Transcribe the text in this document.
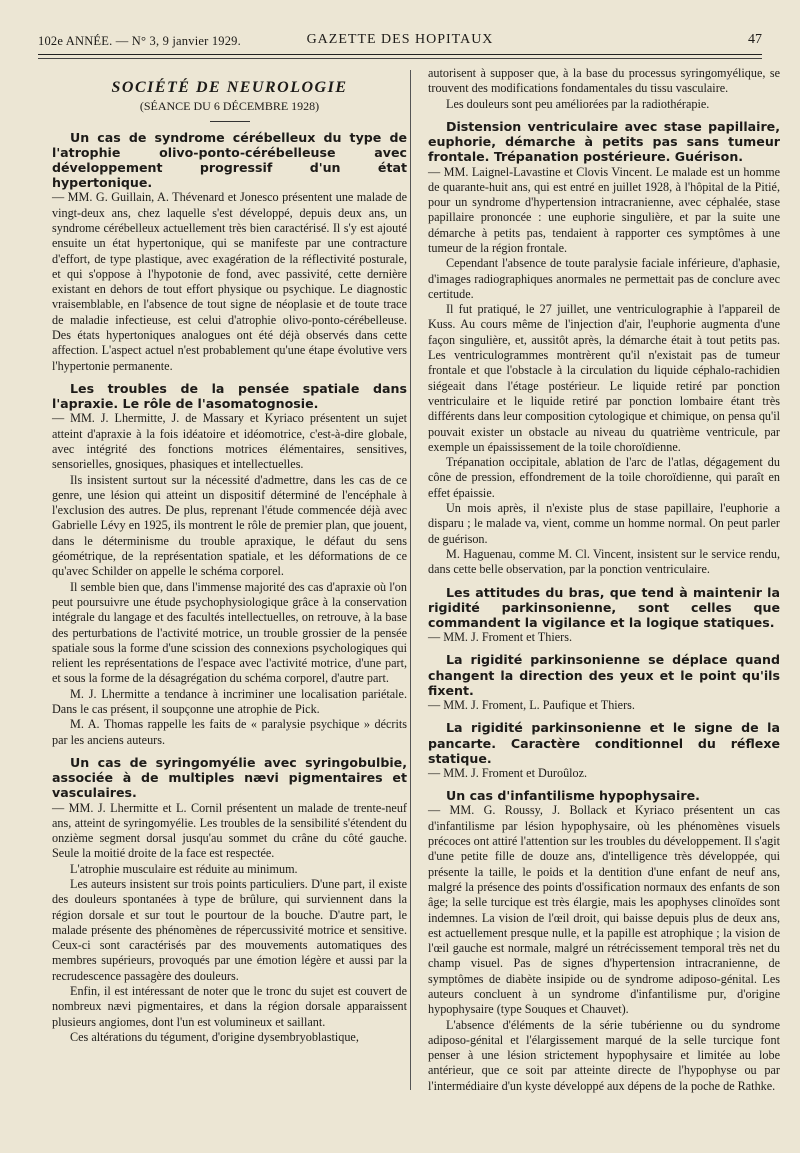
102e ANNÉE. — N° 3, 9 janvier 1929.	GAZETTE DES HOPITAUX	47
SOCIÉTÉ DE NEUROLOGIE
(SÉANCE DU 6 DÉCEMBRE 1928)
Un cas de syndrome cérébelleux du type de l'atrophie olivo-ponto-cérébelleuse avec développement progressif d'un état hypertonique.

— MM. G. Guillain, A. Thévenard et Jonesco présentent une malade de vingt-deux ans, chez laquelle s'est développé, depuis deux ans, un syndrome cérébelleux actuellement très bien caractérisé. Il s'y est ajouté ensuite un état hypertonique, qui se manifeste par une contracture d'effort, de type plastique, avec exagération de la réflectivité posturale, et qui s'oppose à l'hypotonie de fond, avec passivité, cette dernière existant en dehors de tout effort physique ou psychique. Le diagnostic vraisemblable, en l'absence de tout signe de néoplasie et de toute trace de maladie infectieuse, est celui d'atrophie olivo-ponto-cérébelleuse. Des états hypertoniques analogues ont été déjà observés dans cette affection. L'aspect actuel n'est probablement qu'une étape évolutive vers l'hypertonie permanente.

Les troubles de la pensée spatiale dans l'apraxie. Le rôle de l'asomatognosie.

— MM. J. Lhermitte, J. de Massary et Kyriaco présentent un sujet atteint d'apraxie à la fois idéatoire et idéomotrice, c'est-à-dire globale, avec intégrité des fonctions motrices élémentaires, sensitives, sensorielles, gnosiques, phasiques et intellectuelles.

Ils insistent surtout sur la nécessité d'admettre, dans les cas de ce genre, une lésion qui atteint un dispositif déterminé de l'encéphale à l'exclusion des autres. De plus, reprenant l'étude commencée déjà avec Gabrielle Lévy en 1925, ils montrent le rôle de premier plan, que jouent, dans le déterminisme du trouble apraxique, le défaut du sens géométrique, de la représentation spatiale, et les déformations de ce qu'avec Schilder on appelle le schéma corporel.

Il semble bien que, dans l'immense majorité des cas d'apraxie où l'on peut poursuivre une étude psychophysiologique grâce à la conservation intégrale du langage et des facultés intellectuelles, on retrouve, à la base des perturbations de l'activité motrice, un trouble grossier de la pensée spatiale sous la forme d'une scission des connexions psychologiques qui relient les représentations de l'espace avec l'activité motrice, d'une part, et sous la forme de la désagrégation du schéma corporel, d'autre part.

M. J. Lhermitte a tendance à incriminer une localisation pariétale. Dans le cas présent, il soupçonne une atrophie de Pick.

M. A. Thomas rappelle les faits de « paralysie psychique » décrits par les anciens auteurs.

Un cas de syringomyélie avec syringobulbie, associée à de multiples nævi pigmentaires et vasculaires.

— MM. J. Lhermitte et L. Cornil présentent un malade de trente-neuf ans, atteint de syringomyélie. Les troubles de la sensibilité s'étendent du onzième segment dorsal jusqu'au sommet du crâne du côté gauche. Seule la moitié droite de la face est respectée.

L'atrophie musculaire est réduite au minimum.

Les auteurs insistent sur trois points particuliers. D'une part, il existe des douleurs spontanées à type de brûlure, qui surviennent dans la région dorsale et sur tout le pourtour de la bouche. D'autre part, le malade présente des phénomènes de répercussivité motrice et sensitive. Ceux-ci sont caractérisés par des mouvements automatiques des membres supérieurs, provoqués par une émotion légère et aussi par la recrudescence passagère des douleurs.

Enfin, il est intéressant de noter que le tronc du sujet est couvert de nombreux nævi pigmentaires, et dans la région dorsale apparaissent plusieurs angiomes, dont l'un est volumineux et saillant.

Ces altérations du tégument, d'origine dysembryoblastique,

autorisent à supposer que, à la base du processus syringomyélique, se trouvent des modifications fondamentales du tissu vasculaire.

Les douleurs sont peu améliorées par la radiothérapie.

Distension ventriculaire avec stase papillaire, euphorie, démarche à petits pas sans tumeur frontale. Trépanation postérieure. Guérison.

— MM. Laignel-Lavastine et Clovis Vincent. Le malade est un homme de quarante-huit ans, qui est entré en juillet 1928, à l'hôpital de la Pitié, pour un syndrome d'hypertension intracranienne, avec céphalée, stase papillaire prononcée : une euphorie singulière, et par la suite une démarche à petits pas, tendaient à rapporter ces symptômes à une tumeur de la région frontale.

Cependant l'absence de toute paralysie faciale inférieure, d'aphasie, d'images radiographiques anormales ne permettait pas de conclure avec certitude.

Il fut pratiqué, le 27 juillet, une ventriculographie à l'appareil de Kuss. Au cours même de l'injection d'air, l'euphorie augmenta d'une façon singulière, et, aussitôt après, la démarche était à tout petits pas. Les ventriculogrammes montrèrent qu'il n'existait pas de tumeur frontale et que l'obstacle à la circulation du liquide céphalo-rachidien siégeait dans l'étage postérieur. Le liquide retiré par ponction ventriculaire et le liquide retiré par ponction lombaire étant très différents dans leur composition cytologique et chimique, on pensa qu'il pouvait exister un obstacle au niveau du quatrième ventricule, par exemple un épaississement de la toile choroïdienne.

Trépanation occipitale, ablation de l'arc de l'atlas, dégagement du cône de pression, effondrement de la toile choroïdienne, qui paraît en effet épaissie.

Un mois après, il n'existe plus de stase papillaire, l'euphorie a disparu ; le malade va, vient, comme un homme normal. On peut parler de guérison.

M. Haguenau, comme M. Cl. Vincent, insistent sur le service rendu, dans cette belle observation, par la ponction ventriculaire.

Les attitudes du bras, que tend à maintenir la rigidité parkinsonienne, sont celles que commandent la vigilance et la logique statiques.

— MM. J. Froment et Thiers.

La rigidité parkinsonienne se déplace quand changent la direction des yeux et le point qu'ils fixent.

— MM. J. Froment, L. Paufique et Thiers.

La rigidité parkinsonienne et le signe de la pancarte. Caractère conditionnel du réflexe statique.

— MM. J. Froment et Duroûloz.

Un cas d'infantilisme hypophysaire.

— MM. G. Roussy, J. Bollack et Kyriaco présentent un cas d'infantilisme par lésion hypophysaire, où les phénomènes visuels précoces ont attiré l'attention sur les troubles du développement. Il s'agit d'une petite fille de douze ans, d'intelligence très développée, qui présente la taille, le poids et la dentition d'une enfant de neuf ans, malgré la présence des points d'ossification normaux des enfants de son âge; la selle turcique est très élargie, mais les apophyses clinoïdes sont indemnes. La vision de l'œil droit, qui baisse depuis plus de deux ans, est actuellement presque nulle, et la papille est atrophique ; la vision de l'œil gauche est normale, malgré un rétrécissement temporal très net du champ visuel. Pas de signes d'hypertension intracranienne, de symptômes de diabète insipide ou de syndrome adiposo-génital. Les auteurs concluent à un syndrome d'infantilisme pur, d'origine hypophysaire (type Souques et Chauvet).

L'absence d'éléments de la série tubérienne ou du syndrome adiposo-génital et l'élargissement marqué de la selle turcique font penser à une lésion strictement hypophysaire et limitée au lobe antérieur, que ce soit par atteinte directe de l'hypophyse ou par l'intermédiaire d'un kyste développé aux dépens de la poche de Rathke.
